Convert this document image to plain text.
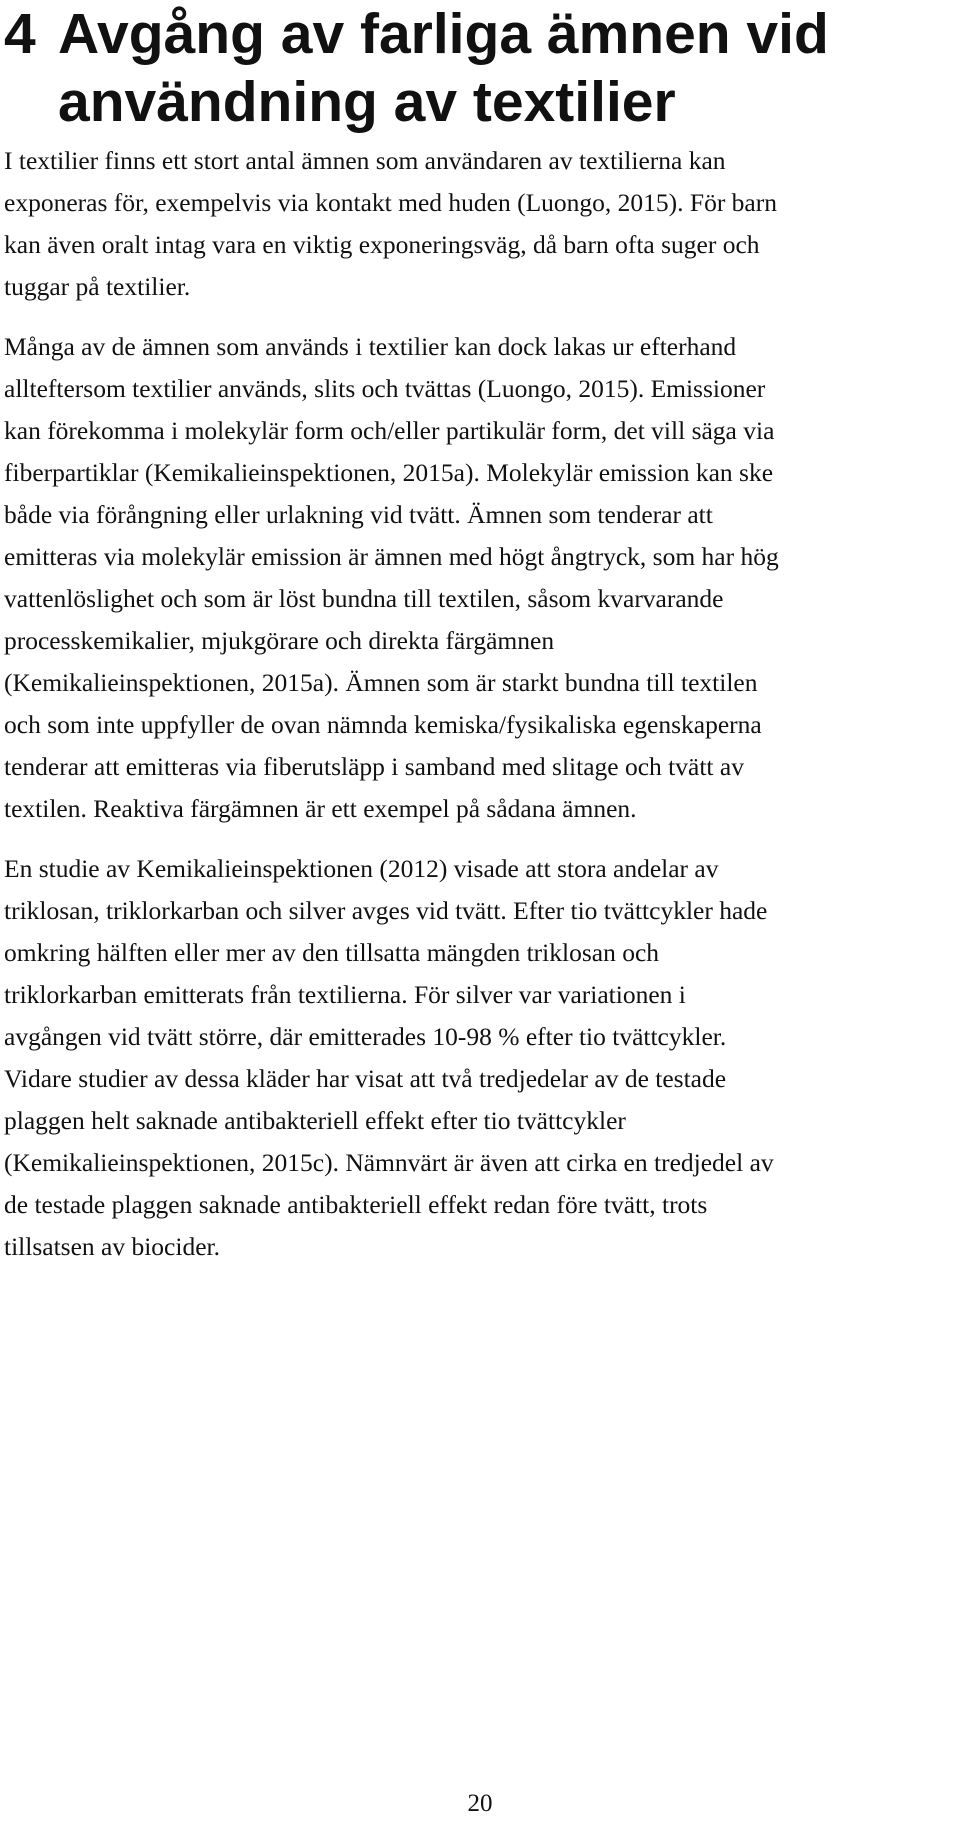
4 Avgång av farliga ämnen vid
användning av textilier

I textilier finns ett stort antal ämnen som användaren av textilierna kan
exponeras för, exempelvis via kontakt med huden (Luongo, 2015). För barn
kan även oralt intag vara en viktig exponeringsväg, då barn ofta suger och
tuggar på textilier.

Många av de ämnen som används i textilier kan dock lakas ur efterhand
allteftersom textilier används, slits och tvättas (Luongo, 2015). Emissioner
kan förekomma i molekylär form och/eller partikulär form, det vill säga via
fiberpartiklar (Kemikalieinspektionen, 2015a). Molekylär emission kan ske
både via förångning eller urlakning vid tvätt. Ämnen som tenderar att
emitteras via molekylär emission är ämnen med högt ångtryck, som har hög
vattenlöslighet och som är löst bundna till textilen, såsom kvarvarande
processkemikalier, mjukgörare och direkta färgämnen
(Kemikalieinspektionen, 2015a). Ämnen som är starkt bundna till textilen
och som inte uppfyller de ovan nämnda kemiska/fysikaliska egenskaperna
tenderar att emitteras via fiberutsläpp i samband med slitage och tvätt av
textilen. Reaktiva färgämnen är ett exempel på sådana ämnen.

En studie av Kemikalieinspektionen (2012) visade att stora andelar av
triklosan, triklorkarban och silver avges vid tvätt. Efter tio tvättcykler hade
omkring hälften eller mer av den tillsatta mängden triklosan och
triklorkarban emitterats från textilierna. För silver var variationen i
avgången vid tvätt större, där emitterades 10-98 % efter tio tvättcykler.
Vidare studier av dessa kläder har visat att två tredjedelar av de testade
plaggen helt saknade antibakteriell effekt efter tio tvättcykler
(Kemikalieinspektionen, 2015c). Nämnvärt är även att cirka en tredjedel av
de testade plaggen saknade antibakteriell effekt redan före tvätt, trots
tillsatsen av biocider.

20
